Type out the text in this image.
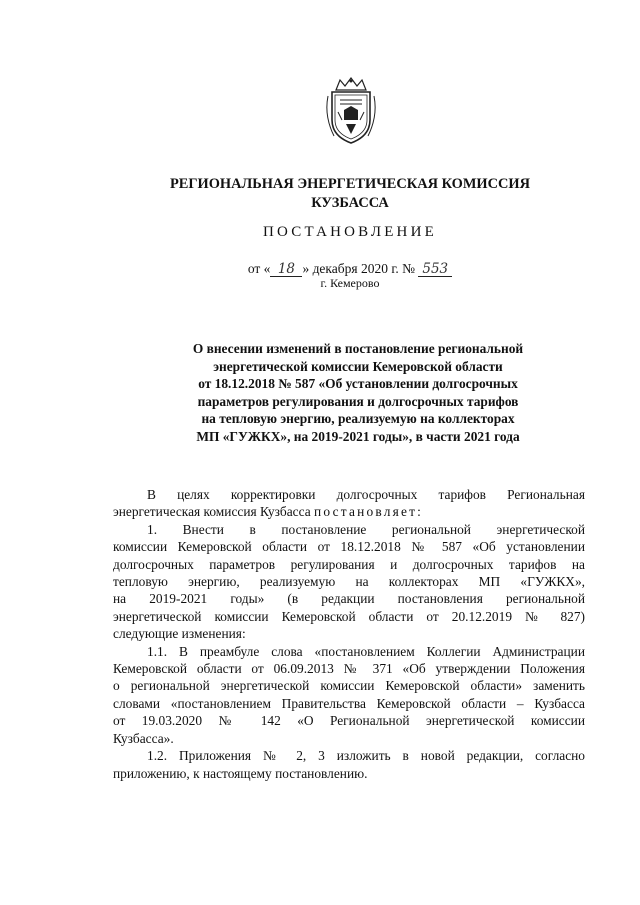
РЕГИОНАЛЬНАЯ ЭНЕРГЕТИЧЕСКАЯ КОМИССИЯ
КУЗБАССА
ПОСТАНОВЛЕНИЕ
от « 18 » декабря 2020 г. № 553
г. Кемерово
О внесении изменений в постановление региональной
энергетической комиссии Кемеровской области
от 18.12.2018 № 587 «Об установлении долгосрочных
параметров регулирования и долгосрочных тарифов
на тепловую энергию, реализуемую на коллекторах
МП «ГУЖКХ», на 2019-2021 годы», в части 2021 года
В целях корректировки долгосрочных тарифов Региональная
энергетическая комиссия Кузбасса постановляет:
1. Внести в постановление региональной энергетической
комиссии Кемеровской области от 18.12.2018 № 587 «Об установлении
долгосрочных параметров регулирования и долгосрочных тарифов на
тепловую энергию, реализуемую на коллекторах МП «ГУЖКХ»,
на 2019-2021 годы» (в редакции постановления региональной
энергетической комиссии Кемеровской области от 20.12.2019 № 827)
следующие изменения:
1.1. В преамбуле слова «постановлением Коллегии Администрации
Кемеровской области от 06.09.2013 № 371 «Об утверждении Положения
о региональной энергетической комиссии Кемеровской области» заменить
словами «постановлением Правительства Кемеровской области – Кузбасса
от 19.03.2020 № 142 «О Региональной энергетической комиссии
Кузбасса».
1.2. Приложения № 2, 3 изложить в новой редакции, согласно
приложению, к настоящему постановлению.
